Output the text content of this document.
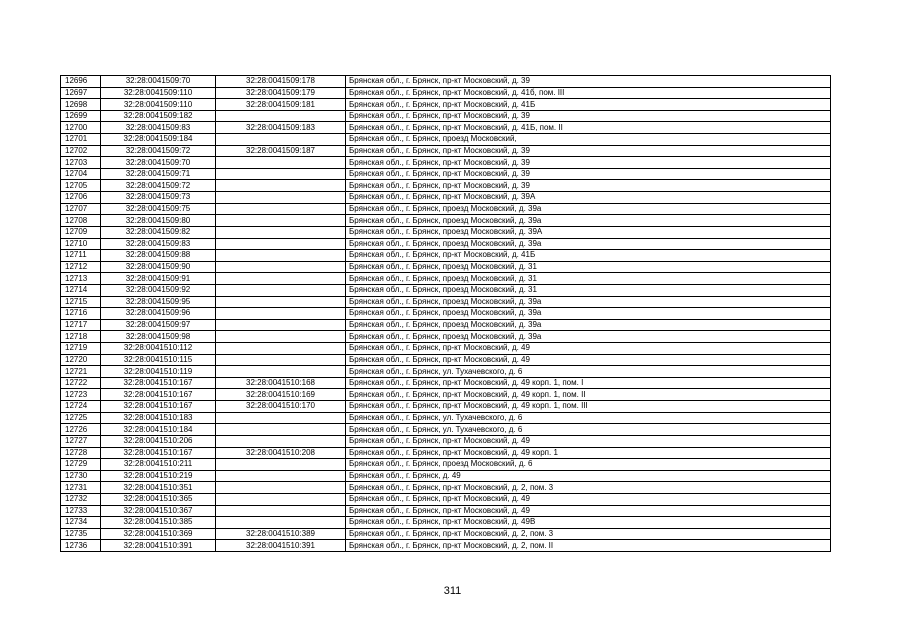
12696	32:28:0041509:70	32:28:0041509:178	Брянская обл., г. Брянск, пр-кт Московский, д. 39
12697	32:28:0041509:110	32:28:0041509:179	Брянская обл., г. Брянск, пр-кт Московский, д. 41б, пом. III
12698	32:28:0041509:110	32:28:0041509:181	Брянская обл., г. Брянск, пр-кт Московский, д. 41Б
12699	32:28:0041509:182		Брянская обл., г. Брянск, пр-кт Московский, д. 39
12700	32:28:0041509:83	32:28:0041509:183	Брянская обл., г. Брянск, пр-кт Московский, д. 41Б, пом. II
12701	32:28:0041509:184		Брянская обл., г. Брянск, проезд Московский,
12702	32:28:0041509:72	32:28:0041509:187	Брянская обл., г. Брянск, пр-кт Московский, д. 39
12703	32:28:0041509:70		Брянская обл., г. Брянск, пр-кт Московский, д. 39
12704	32:28:0041509:71		Брянская обл., г. Брянск, пр-кт Московский, д. 39
12705	32:28:0041509:72		Брянская обл., г. Брянск, пр-кт Московский, д. 39
12706	32:28:0041509:73		Брянская обл., г. Брянск, пр-кт Московский, д. 39А
12707	32:28:0041509:75		Брянская обл., г. Брянск, проезд Московский, д. 39а
12708	32:28:0041509:80		Брянская обл., г. Брянск, проезд Московский, д. 39а
12709	32:28:0041509:82		Брянская обл., г. Брянск, проезд Московский, д. 39А
12710	32:28:0041509:83		Брянская обл., г. Брянск, проезд Московский, д. 39а
12711	32:28:0041509:88		Брянская обл., г. Брянск, пр-кт Московский, д. 41Б
12712	32:28:0041509:90		Брянская обл., г. Брянск, проезд Московский, д. 31
12713	32:28:0041509:91		Брянская обл., г. Брянск, проезд Московский, д. 31
12714	32:28:0041509:92		Брянская обл., г. Брянск, проезд Московский, д. 31
12715	32:28:0041509:95		Брянская обл., г. Брянск, проезд Московский, д. 39а
12716	32:28:0041509:96		Брянская обл., г. Брянск, проезд Московский, д. 39а
12717	32:28:0041509:97		Брянская обл., г. Брянск, проезд Московский, д. 39а
12718	32:28:0041509:98		Брянская обл., г. Брянск, проезд Московский, д. 39а
12719	32:28:0041510:112		Брянская обл., г. Брянск, пр-кт Московский, д. 49
12720	32:28:0041510:115		Брянская обл., г. Брянск, пр-кт Московский, д. 49
12721	32:28:0041510:119		Брянская обл., г. Брянск, ул. Тухачевского, д. 6
12722	32:28:0041510:167	32:28:0041510:168	Брянская обл., г. Брянск, пр-кт Московский, д. 49 корп. 1, пом. I
12723	32:28:0041510:167	32:28:0041510:169	Брянская обл., г. Брянск, пр-кт Московский, д. 49 корп. 1, пом. II
12724	32:28:0041510:167	32:28:0041510:170	Брянская обл., г. Брянск, пр-кт Московский, д. 49 корп. 1, пом. III
12725	32:28:0041510:183		Брянская обл., г. Брянск, ул. Тухачевского, д. 6
12726	32:28:0041510:184		Брянская обл., г. Брянск, ул. Тухачевского, д. 6
12727	32:28:0041510:206		Брянская обл., г. Брянск, пр-кт Московский, д. 49
12728	32:28:0041510:167	32:28:0041510:208	Брянская обл., г. Брянск, пр-кт Московский, д. 49 корп. 1
12729	32:28:0041510:211		Брянская обл., г. Брянск, проезд Московский, д. 6
12730	32:28:0041510:219		Брянская обл., г. Брянск, д. 49
12731	32:28:0041510:351		Брянская обл., г. Брянск, пр-кт Московский, д. 2, пом. 3
12732	32:28:0041510:365		Брянская обл., г. Брянск, пр-кт Московский, д. 49
12733	32:28:0041510:367		Брянская обл., г. Брянск, пр-кт Московский, д. 49
12734	32:28:0041510:385		Брянская обл., г. Брянск, пр-кт Московский, д. 49В
12735	32:28:0041510:369	32:28:0041510:389	Брянская обл., г. Брянск, пр-кт Московский, д. 2, пом. 3
12736	32:28:0041510:391	32:28:0041510:391	Брянская обл., г. Брянск, пр-кт Московский, д. 2, пом. II
311
